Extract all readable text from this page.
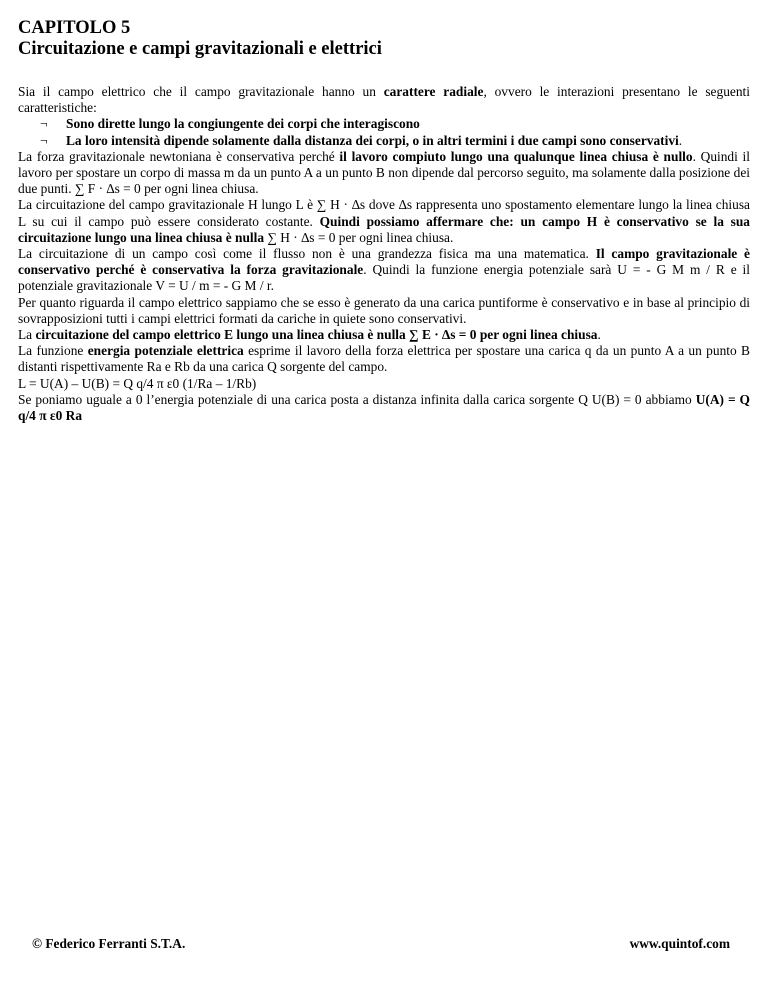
CAPITOLO 5
Circuitazione e campi gravitazionali e elettrici

Sia il campo elettrico che il campo gravitazionale hanno un carattere radiale, ovvero le interazioni presentano le seguenti caratteristiche:

¬ Sono dirette lungo la congiungente dei corpi che interagiscono
¬ La loro intensità dipende solamente dalla distanza dei corpi, o in altri termini i due campi sono conservativi.

La forza gravitazionale newtoniana è conservativa perché il lavoro compiuto lungo una qualunque linea chiusa è nullo. Quindi il lavoro per spostare un corpo di massa m da un punto A a un punto B non dipende dal percorso seguito, ma solamente dalla posizione dei due punti. ∑ F · ∆s = 0 per ogni linea chiusa.

La circuitazione del campo gravitazionale H lungo L è ∑ H · ∆s dove ∆s rappresenta uno spostamento elementare lungo la linea chiusa L su cui il campo può essere considerato costante. Quindi possiamo affermare che: un campo H è conservativo se la sua circuitazione lungo una linea chiusa è nulla ∑ H · ∆s = 0 per ogni linea chiusa.

La circuitazione di un campo così come il flusso non è una grandezza fisica ma una matematica. Il campo gravitazionale è conservativo perché è conservativa la forza gravitazionale. Quindi la funzione energia potenziale sarà U = - G M m / R e il potenziale gravitazionale V = U / m = - G M / r.

Per quanto riguarda il campo elettrico sappiamo che se esso è generato da una carica puntiforme è conservativo e in base al principio di sovrapposizioni tutti i campi elettrici formati da cariche in quiete sono conservativi.

La circuitazione del campo elettrico E lungo una linea chiusa è nulla ∑ E · ∆s = 0 per ogni linea chiusa.

La funzione energia potenziale elettrica esprime il lavoro della forza elettrica per spostare una carica q da un punto A a un punto B distanti rispettivamente Ra e Rb da una carica Q sorgente del campo.

L = U(A) – U(B) = Q q/4 π ε0 (1/Ra – 1/Rb)

Se poniamo uguale a 0 l’energia potenziale di una carica posta a distanza infinita dalla carica sorgente Q U(B) = 0 abbiamo U(A) = Q q/4 π ε0 Ra

© Federico Ferranti S.T.A.	www.quintof.com
